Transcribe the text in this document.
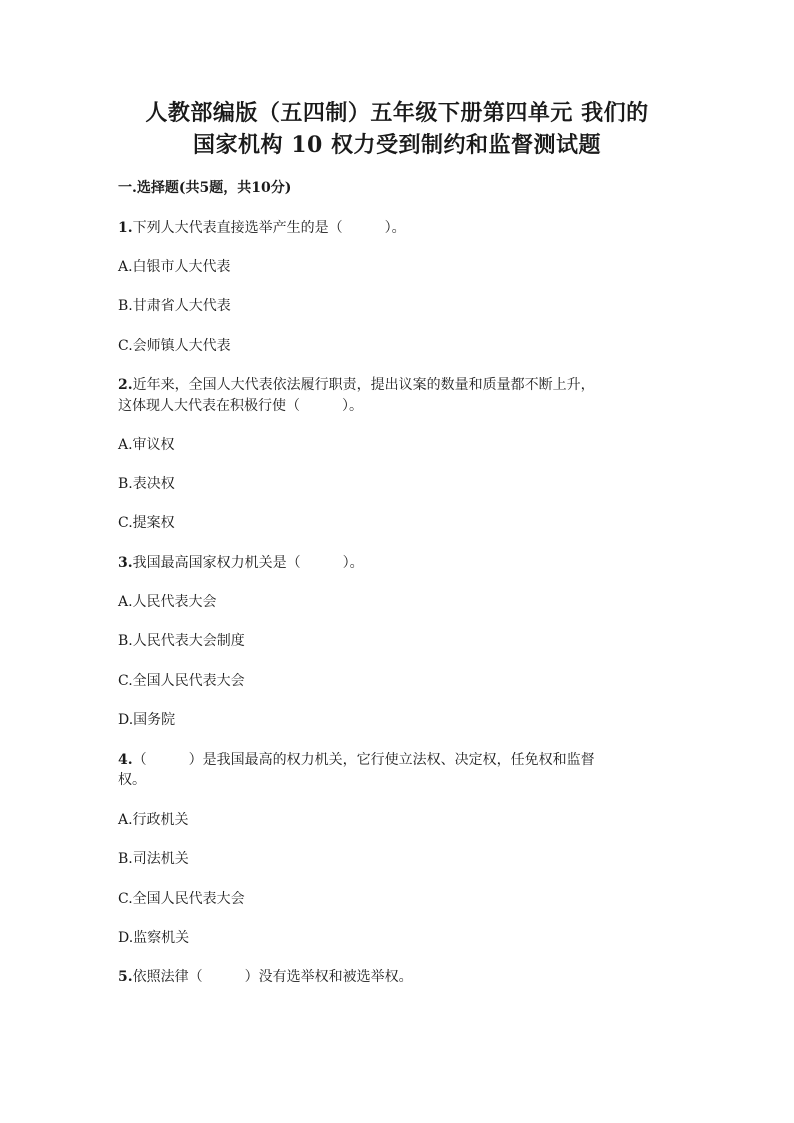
人教部编版（五四制）五年级下册第四单元 我们的
国家机构 10 权力受到制约和监督测试题
一.选择题(共5题，共10分)
1.下列人大代表直接选举产生的是（　　　）。
A.白银市人大代表
B.甘肃省人大代表
C.会师镇人大代表
2.近年来，全国人大代表依法履行职责，提出议案的数量和质量都不断上升，
这体现人大代表在积极行使（　　　）。
A.审议权
B.表决权
C.提案权
3.我国最高国家权力机关是（　　　）。
A.人民代表大会
B.人民代表大会制度
C.全国人民代表大会
D.国务院
4.（　　　）是我国最高的权力机关，它行使立法权、决定权，任免权和监督
权。
A.行政机关
B.司法机关
C.全国人民代表大会
D.监察机关
5.依照法律（　　　）没有选举权和被选举权。
